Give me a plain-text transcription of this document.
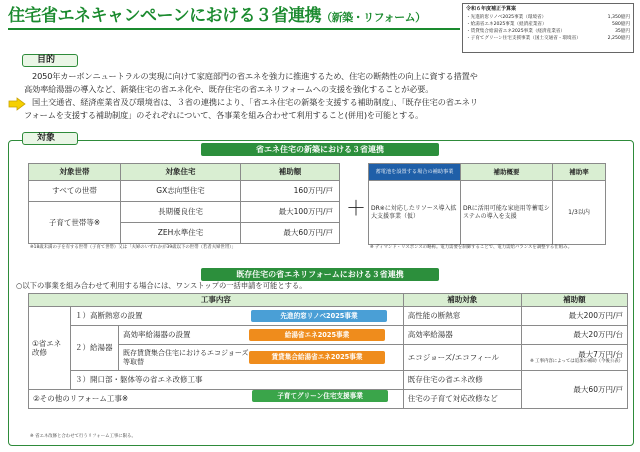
住宅省エネキャンペーンにおける３省連携（新築・リフォーム）
令和６年度補正予算案
・先進的窓リノベ2025事業（環境省）	1,350億円
・給湯省エネ2025事業（経済産業省）	580億円
・賃貸集合給湯省エネ2025事業（経済産業省）	35億円
・子育てグリーン住宅支援事業（国土交通省・環境省）	2,250億円
目的

　2050年カーボンニュートラルの実現に向けて家庭部門の省エネを強力に推進するため、住宅の断熱性の向上に資する措置や

高効率給湯器の導入など、新築住宅の省エネ化や、既存住宅の省エネリフォームへの支援を強化することが必要。

　国土交通省、経済産業省及び環境省は、３省の連携により、「省エネ住宅の新築を支援する補助制度」、「既存住宅の省エネリ

フォームを支援する補助制度」のそれぞれについて、各事業を組み合わせて利用すること(併用)を可能とする。

対象
省エネ住宅の新築における３省連携
対象世帯	対象住宅	補助額
すべての世帯	GX志向型住宅	160万円/戸
子育て世帯等※	長期優良住宅	最大100万円/戸
	ZEH水準住宅	最大60万円/戸
※18歳未満の子を有する世帯（子育て世帯）又は「夫婦のいずれかが39歳以下の世帯（若者夫婦世帯）」
＋
蓄電池を設置する場合の補助事業	補助概要	補助率
DR※に対応したリソース導入拡大支援事業（仮）	DRに活用可能な家庭用等蓄電システムの導入を支援	1/3以内
※ ディマンド・リスポンスの略称。電力需要を制御することで、電力需給バランスを調整する仕組み。
既存住宅の省エネリフォームにおける３省連携
○以下の事業を組み合わせて利用する場合には、ワンストップの一括申請を可能とする。
工事内容			補助対象	補助額
①省エネ改修	１）高断熱窓の設置 先進的窓リノベ2025事業		高性能の断熱窓	最大200万円/戸
	２）給湯器	高効率給湯器の設置 給湯省エネ2025事業	高効率給湯器	最大20万円/台
		既存賃貸集合住宅におけるエコジョーズ等取替賃貸集合給湯省エネ2025事業	エコジョーズ/エコフィール	最大7万円/台
※ 工事内容によっては追加の補助（今後公表）

	３）開口部・躯体等の省エネ改修工事		既存住宅の省エネ改修	最大60万円/戸
②その他のリフォーム工事※			住宅の子育て対応改修など	
子育てグリーン住宅支援事業
※ 省エネ改修と合わせて行うリフォーム工事に限る。
